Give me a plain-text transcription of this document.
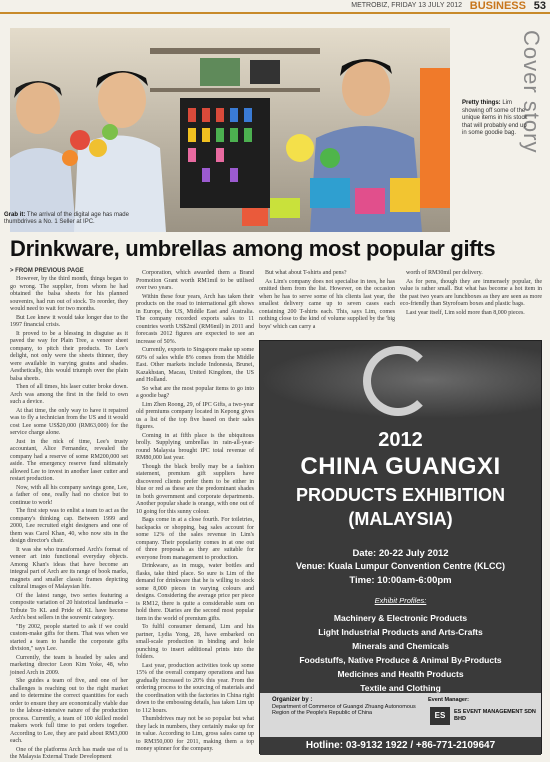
METROBIZ, FRIDAY 13 JULY 2012 BUSINESS 53
Cover story
Grab it: The arrival of the digital age has made thumbdrives a No. 1 Seller at IPC.
Pretty things: Lim showing off some of the unique items in his stock that will probably end up in some goodie bag.
Drinkware, umbrellas among most popular gifts
> FROM PREVIOUS PAGE

However, by the third month, things began to go wrong. The supplier, from whom he had obtained the balsa sheets for his planned souvenirs, had run out of stock. To reorder, they would need to wait for two months.

But Lee knew it would take longer due to the 1997 financial crisis.

It proved to be a blessing in disguise as it paved the way for Plain Tree, a veneer sheet company, to pitch their products. To Lee's delight, not only were the sheets thinner, they were available in varying grains and shades. Aesthetically, this would triumph over the plain balsa sheets.

Then of all times, his laser cutter broke down. Arch was among the first in the field to own such a device.

At that time, the only way to have it repaired was to fly a technician from the US and it would cost Lee some US$20,000 (RM63,000) for the service charge alone.

Just in the nick of time, Lee's trusty accountant, Alice Fernandez, revealed the company had a reserve of some RM200,000 set aside. The emergency reserve fund ultimately allowed Lee to invest in another laser cutter and restart production.

Now, with all his company savings gone, Lee, a father of one, really had no choice but to continue to work!

The first step was to enlist a team to act as the company's thinking cap. Between 1999 and 2000, Lee recruited eight designers and one of them was Carol Khan, 40, who now sits in the design director's chair.

It was she who transformed Arch's format of veneer art into functional everyday objects. Among Khan's ideas that have become an integral part of Arch are its range of book marks, magnets and smaller classic frames depicting cultural images of Malaysian life.

Of the latest range, two series featuring a composite variation of 20 historical landmarks – Tribute To KL and Pride of KL have become Arch's best sellers in the souvenir category.

"By 2002, people started to ask if we could custom-make gifts for them. That was when we started a team to handle the corporate gifts division," says Lee.

Currently, the team is headed by sales and marketing director Leon Kim Yoke, 48, who joined Arch in 2009.

She guides a team of five, and one of her challenges is reaching out to the right market and to determine the correct quantities for each order to ensure they are economically viable due to the labour-intensive nature of the production process. Currently, a team of 100 skilled model makers work full time to put orders together. According to Lee, they are paid about RM3,000 each.

One of the platforms Arch has made use of is the Malaysia External Trade Development

Corporation, which awarded them a Brand Promotion Grant worth RM1mil to be utilised over two years.

Within these four years, Arch has taken their products on the road to international gift shows in Europe, the US, Middle East and Australia. The company recorded exports sales to 11 countries worth US$2mil (RM6mil) in 2011 and forecasts 2012 figures are expected to see an increase of 50%.

Currently, exports to Singapore make up some 60% of sales while 8% comes from the Middle East. Other markets include Indonesia, Brunei, Kazakhstan, Macau, United Kingdom, the US and Holland.

So what are the most popular items to go into a goodie bag?

Lim Zhen Roong, 29, of IPC Gifts, a two-year old premiums company located in Kepong gives us a list of the top five based on their sales figures.

Coming in at fifth place is the ubiquitous brolly. Supplying umbrellas in rain-all-year-round Malaysia brought IPC total revenue of RM80,000 last year.

Though the black brolly may be a fashion statement, premium gift suppliers have discovered clients prefer them to be either in blue or red as these are the predominant shades in both government and corporate departments. Another popular shade is orange, with one out of 10 going for this sunny colour.

Bags come in at a close fourth. For toiletries, backpacks or shopping, bag sales account for some 12% of the sales revenue in Lim's company. Their popularity comes in at one out of three proposals as they are suitable for everyone from management to production.

Drinkware, as in mugs, water bottles and flasks, take third place. So sure is Lim of the demand for drinkware that he is willing to stock some 8,000 pieces in varying colours and designs. Considering the average price per piece is RM12, there is quite a considerable sum on hold there. Diaries are the second most popular item in the world of premium gifts.

To fulfil consumer demand, Lim and his partner, Lydia Yong, 28, have embarked on small-scale production in binding and hole punching to insert additional prints into the folders.

Last year, production activities took up some 15% of the overall company operations and has gradually increased to 20% this year. From the ordering process to the sourcing of materials and the coordination with the factories in China right down to the embossing details, has taken Lim up to 112 hours.

Thumbdrives may not be so popular but what they lack in numbers, they certainly make up for in value. According to Lim, gross sales came up to RM350,000 for 2011, making them a top money spinner for the company.

But what about T-shirts and pens?

As Lim's company does not specialise in tees, he has omitted them from the list. However, on the occasion when he has to serve some of his clients last year, the smallest delivery came up to seven cases each containing 200 T-shirts each. This, says Lim, comes nothing close to the kind of volume supplied by the 'big boys' which can carry a

worth of RM30mil per delivery.

As for pens, though they are immensely popular, the value is rather small. But what has become a hot item in the past two years are lunchboxes as they are seen as more eco-friendly than Styrofoam boxes and plastic bags.

Last year itself, Lim sold more than 8,000 pieces.

2012
CHINA GUANGXI
PRODUCTS EXHIBITION
(MALAYSIA)
Date: 20-22 July 2012
Venue: Kuala Lumpur Convention Centre (KLCC)
Time: 10:00am-6:00pm
Exhibit Profiles:
Machinery & Electronic Products
Light Industrial Products and Arts-Crafts
Minerals and Chemicals
Foodstuffs, Native Produce & Animal By-Products
Medicines and Health Products
Textile and Clothing
Organizer by :
Department of Commerce of Guangxi Zhuang Autonomous Region of the People's Republic of China
Event Manager:
ES	ES EVENT MANAGEMENT SDN BHD
Hotline: 03-9132 1922 / +86-771-2109647
